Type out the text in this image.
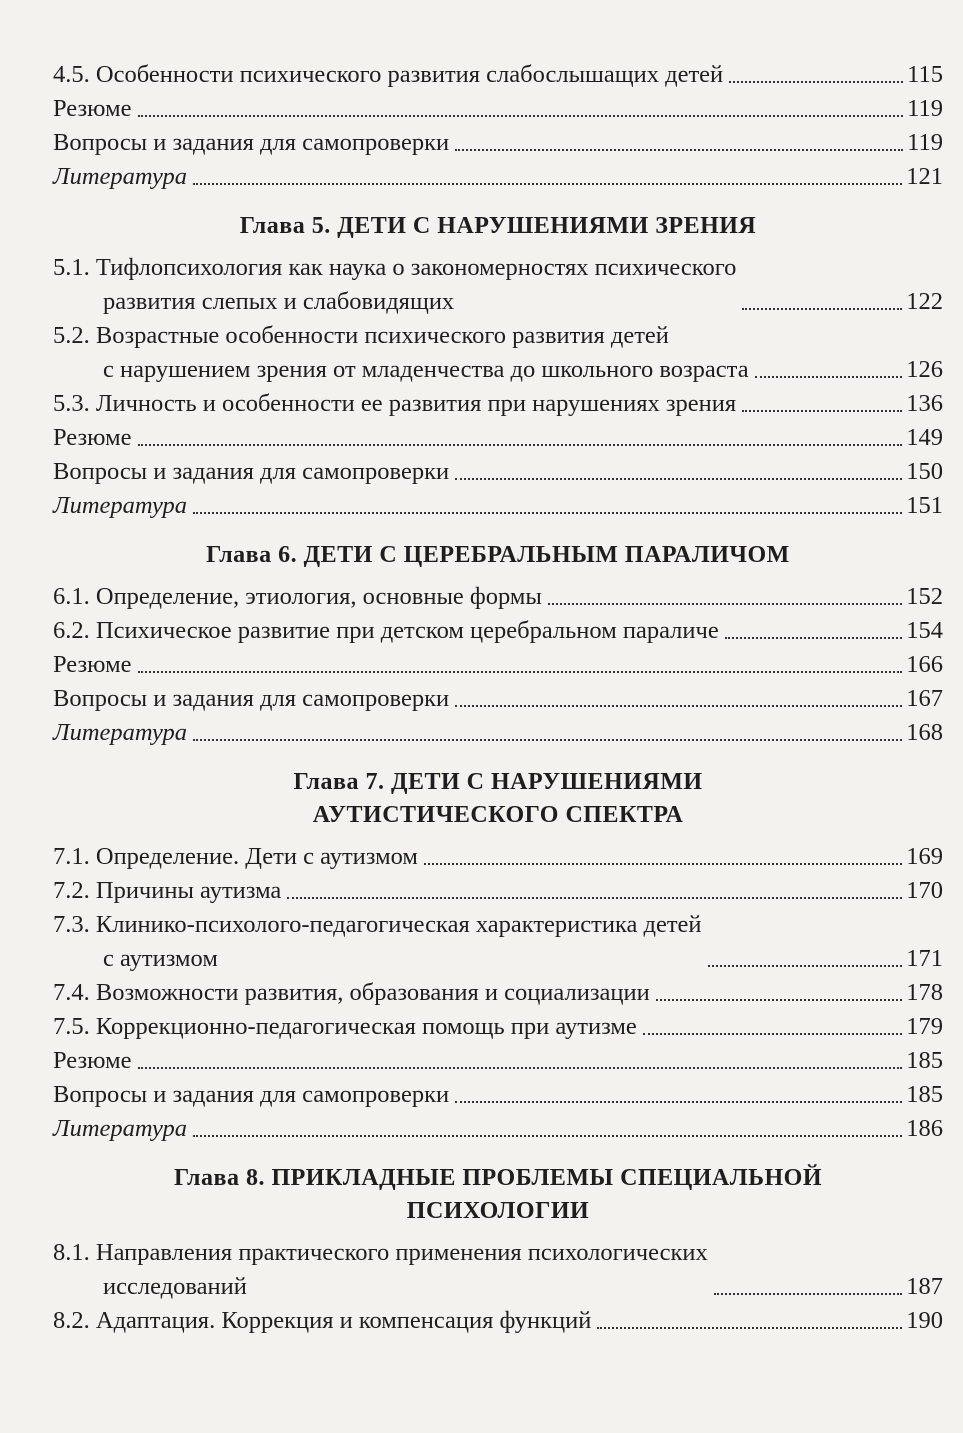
4.5. Особенности психического развития слабослышащих детей	115
Резюме	119
Вопросы и задания для самопроверки	119
Литература	121
Глава 5. ДЕТИ С НАРУШЕНИЯМИ ЗРЕНИЯ
5.1. Тифлопсихология как наука о закономерностях психического
развития слепых и слабовидящих	122
5.2. Возрастные особенности психического развития детей
с нарушением зрения от младенчества до школьного возраста	126
5.3. Личность и особенности ее развития при нарушениях зрения	136
Резюме	149
Вопросы и задания для самопроверки	150
Литература	151
Глава 6. ДЕТИ С ЦЕРЕБРАЛЬНЫМ ПАРАЛИЧОМ
6.1. Определение, этиология, основные формы	152
6.2. Психическое развитие при детском церебральном параличе	154
Резюме	166
Вопросы и задания для самопроверки	167
Литература	168
Глава 7. ДЕТИ С НАРУШЕНИЯМИ
АУТИСТИЧЕСКОГО СПЕКТРА
7.1. Определение. Дети с аутизмом	169
7.2. Причины аутизма	170
7.3. Клинико-психолого-педагогическая характеристика детей
с аутизмом	171
7.4. Возможности развития, образования и социализации	178
7.5. Коррекционно-педагогическая помощь при аутизме	179
Резюме	185
Вопросы и задания для самопроверки	185
Литература	186
Глава 8. ПРИКЛАДНЫЕ ПРОБЛЕМЫ СПЕЦИАЛЬНОЙ
ПСИХОЛОГИИ
8.1. Направления практического применения психологических
исследований	187
8.2. Адаптация. Коррекция и компенсация функций	190
